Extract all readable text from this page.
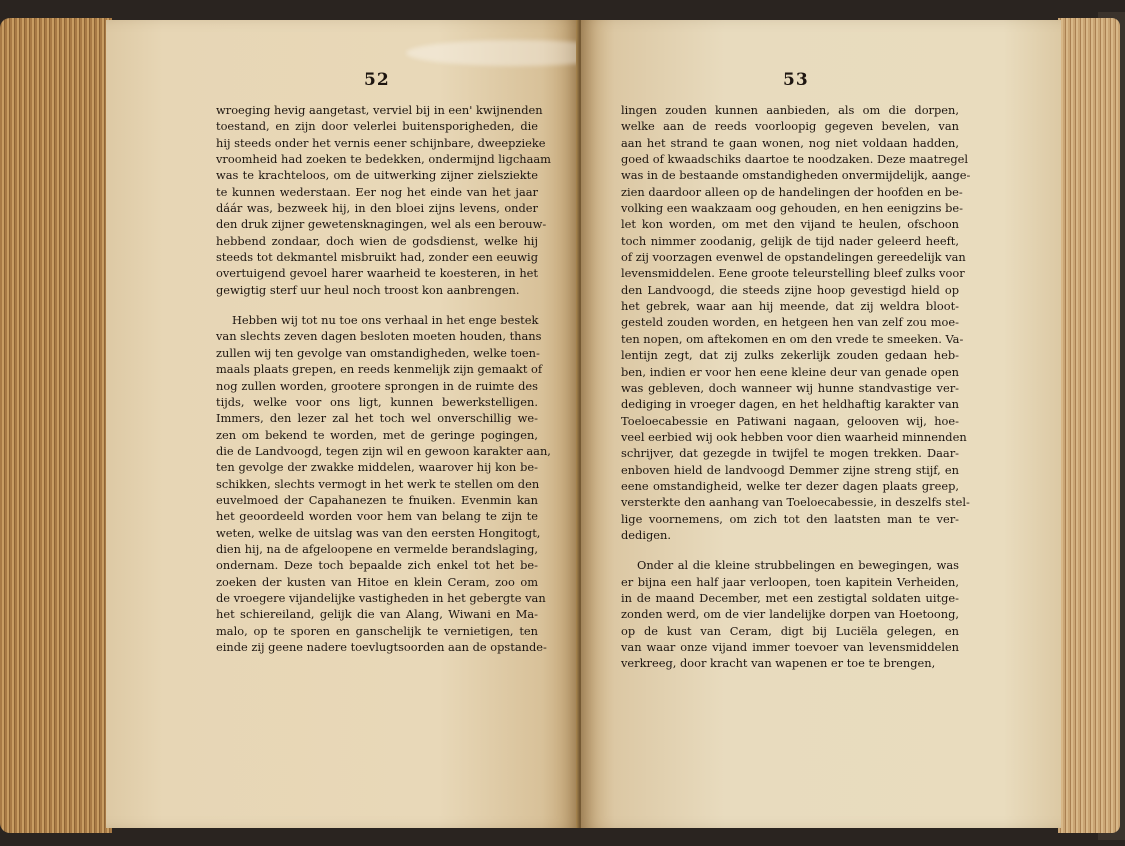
52
wroeging hevig aangetast, verviel bij in een' kwijnenden
toestand, en zijn door velerlei buitensporigheden, die
hij steeds onder het vernis eener schijnbare, dweepzieke
vroomheid had zoeken te bedekken, ondermijnd ligchaam
was te krachteloos, om de uitwerking zijner zielsziekte
te kunnen wederstaan. Eer nog het einde van het jaar
dáár was, bezweek hij, in den bloei zijns levens, onder
den druk zijner gewetensknagingen, wel als een berouw-
hebbend zondaar, doch wien de godsdienst, welke hij
steeds tot dekmantel misbruikt had, zonder een eeuwig
overtuigend gevoel harer waarheid te koesteren, in het
gewigtig sterf uur heul noch troost kon aanbrengen.
Hebben wij tot nu toe ons verhaal in het enge bestek
van slechts zeven dagen besloten moeten houden, thans
zullen wij ten gevolge van omstandigheden, welke toen-
maals plaats grepen, en reeds kenmelijk zijn gemaakt of
nog zullen worden, grootere sprongen in de ruimte des
tijds, welke voor ons ligt, kunnen bewerkstelligen.
Immers, den lezer zal het toch wel onverschillig we-
zen om bekend te worden, met de geringe pogingen,
die de Landvoogd, tegen zijn wil en gewoon karakter aan,
ten gevolge der zwakke middelen, waarover hij kon be-
schikken, slechts vermogt in het werk te stellen om den
euvelmoed der Capahanezen te fnuiken. Evenmin kan
het geoordeeld worden voor hem van belang te zijn te
weten, welke de uitslag was van den eersten Hongitogt,
dien hij, na de afgeloopene en vermelde berandslaging,
ondernam. Deze toch bepaalde zich enkel tot het be-
zoeken der kusten van Hitoe en klein Ceram, zoo om
de vroegere vijandelijke vastigheden in het gebergte van
het schiereiland, gelijk die van Alang, Wiwani en Ma-
malo, op te sporen en ganschelijk te vernietigen, ten
einde zij geene nadere toevlugtsoorden aan de opstande-
53
lingen zouden kunnen aanbieden, als om die dorpen,
welke aan de reeds voorloopig gegeven bevelen, van
aan het strand te gaan wonen, nog niet voldaan hadden,
goed of kwaadschiks daartoe te noodzaken. Deze maatregel
was in de bestaande omstandigheden onvermijdelijk, aange-
zien daardoor alleen op de handelingen der hoofden en be-
volking een waakzaam oog gehouden, en hen eenigzins be-
let kon worden, om met den vijand te heulen, ofschoon
toch nimmer zoodanig, gelijk de tijd nader geleerd heeft,
of zij voorzagen evenwel de opstandelingen gereedelijk van
levensmiddelen. Eene groote teleurstelling bleef zulks voor
den Landvoogd, die steeds zijne hoop gevestigd hield op
het gebrek, waar aan hij meende, dat zij weldra bloot-
gesteld zouden worden, en hetgeen hen van zelf zou moe-
ten nopen, om aftekomen en om den vrede te smeeken. Va-
lentijn zegt, dat zij zulks zekerlijk zouden gedaan heb-
ben, indien er voor hen eene kleine deur van genade open
was gebleven, doch wanneer wij hunne standvastige ver-
dediging in vroeger dagen, en het heldhaftig karakter van
Toeloecabessie en Patiwani nagaan, gelooven wij, hoe-
veel eerbied wij ook hebben voor dien waarheid minnenden
schrijver, dat gezegde in twijfel te mogen trekken. Daar-
enboven hield de landvoogd Demmer zijne streng stijf, en
eene omstandigheid, welke ter dezer dagen plaats greep,
versterkte den aanhang van Toeloecabessie, in deszelfs stel-
lige voornemens, om zich tot den laatsten man te ver-
dedigen.
Onder al die kleine strubbelingen en bewegingen, was
er bijna een half jaar verloopen, toen kapitein Verheiden,
in de maand December, met een zestigtal soldaten uitge-
zonden werd, om de vier landelijke dorpen van Hoetoong,
op de kust van Ceram, digt bij Luciëla gelegen, en
van waar onze vijand immer toevoer van levensmiddelen
verkreeg, door kracht van wapenen er toe te brengen,
